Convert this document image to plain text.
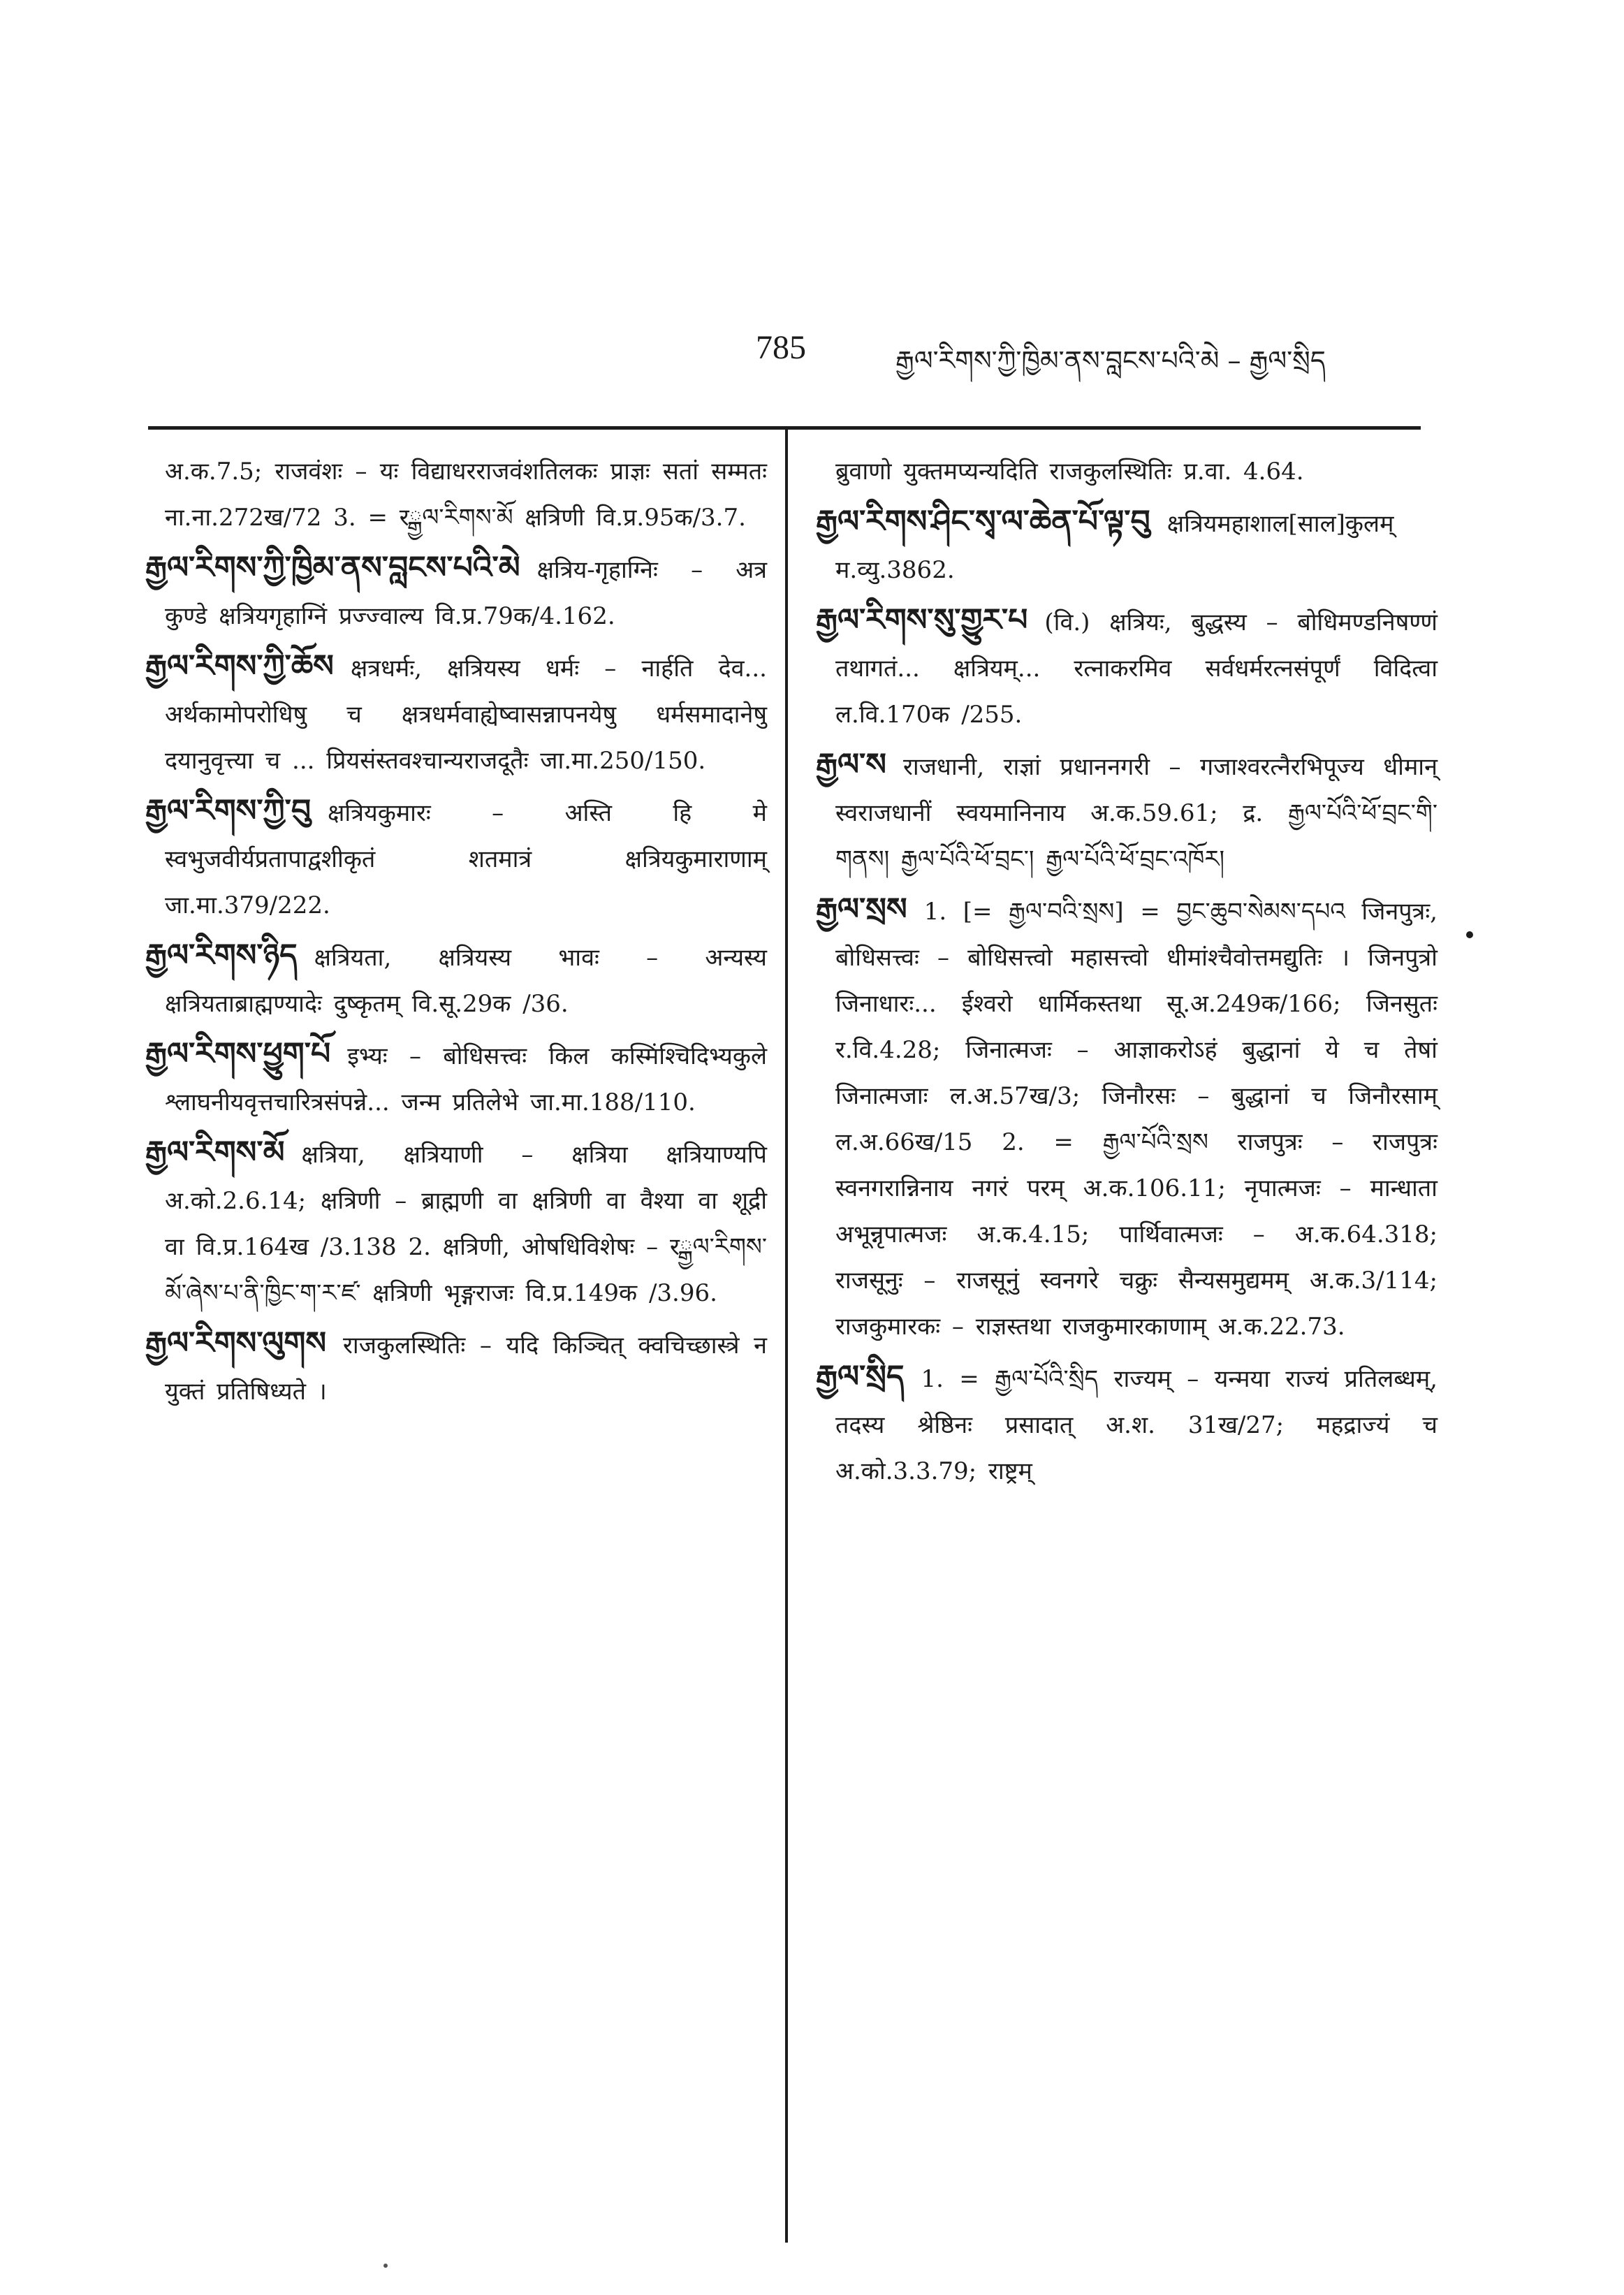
785	རྒྱལ་རིགས་ཀྱི་ཁྱིམ་ནས་བླངས་པའི་མེ – རྒྱལ་སྲིད

अ.क.7.5; राजवंशः – यः विद्याधरराजवंशतिलकः प्राज्ञः सतां सम्मतः ना.ना.272ख/72 3. = रྒྱལ་རིགས་མོ क्षत्रिणी वि.प्र.95क/3.7.

རྒྱལ་རིགས་ཀྱི་ཁྱིམ་ནས་བླངས་པའི་མེ क्षत्रिय-गृहाग्निः – अत्र कुण्डे क्षत्रियगृहाग्निं प्रज्ज्वाल्य वि.प्र.79क/4.162.

རྒྱལ་རིགས་ཀྱི་ཆོས क्षत्रधर्मः, क्षत्रियस्य धर्मः – नार्हति देव... अर्थकामोपरोधिषु च क्षत्रधर्मवाह्येष्वासन्नापनयेषु धर्मसमादानेषु दयानुवृत्त्या च ... प्रियसंस्तवश्चान्यराजदूतैः जा.मा.250/150.

རྒྱལ་རིགས་ཀྱི་བུ क्षत्रियकुमारः – अस्ति हि मे स्वभुजवीर्यप्रतापाद्वशीकृतं शतमात्रं क्षत्रियकुमाराणाम् जा.मा.379/222.

རྒྱལ་རིགས་ཉིད क्षत्रियता, क्षत्रियस्य भावः – अन्यस्य क्षत्रियताब्राह्मण्यादेः दुष्कृतम् वि.सू.29क /36.

རྒྱལ་རིགས་ཕྱུག་པོ इभ्यः – बोधिसत्त्वः किल कस्मिंश्चिदिभ्यकुले श्लाघनीयवृत्तचारित्रसंपन्ने... जन्म प्रतिलेभे जा.मा.188/110.

རྒྱལ་རིགས་མོ क्षत्रिया, क्षत्रियाणी – क्षत्रिया क्षत्रियाण्यपि अ.को.2.6.14; क्षत्रिणी – ब्राह्मणी वा क्षत्रिणी वा वैश्या वा शूद्री वा वि.प्र.164ख /3.138 2. क्षत्रिणी, ओषधिविशेषः – रྒྱལ་རིགས་མོ་ཞེས་པ་ནི་ཁྱིང་ག་ར་ཛ་ क्षत्रिणी भृङ्गराजः वि.प्र.149क /3.96.

རྒྱལ་རིགས་ལུགས राजकुलस्थितिः – यदि किञ्चित् क्वचिच्छास्त्रे न युक्तं प्रतिषिध्यते ।

ब्रुवाणो युक्तमप्यन्यदिति राजकुलस्थितिः प्र.वा. 4.64.

རྒྱལ་རིགས་ཤིང་སྭ་ལ་ཆེན་པོ་ལྟ་བུ क्षत्रियमहाशाल[साल]कुलम् म.व्यु.3862.

རྒྱལ་རིགས་སུ་གྱུར་པ (वि.) क्षत्रियः, बुद्धस्य – बोधिमण्डनिषण्णं तथागतं... क्षत्रियम्... रत्नाकरमिव सर्वधर्मरत्नसंपूर्णं विदित्वा ल.वि.170क /255.

རྒྱལ་ས राजधानी, राज्ञां प्रधाननगरी – गजाश्वरत्नैरभिपूज्य धीमान् स्वराजधानीं स्वयमानिनाय अ.क.59.61; द्र. རྒྱལ་པོའི་ཕོ་བྲང་གི་གནས། རྒྱལ་པོའི་ཕོ་བྲང་། རྒྱལ་པོའི་ཕོ་བྲང་འཁོར།

རྒྱལ་སྲས 1. [= རྒྱལ་བའི་སྲས] = བྱང་ཆུབ་སེམས་དཔའ जिनपुत्रः, बोधिसत्त्वः – बोधिसत्त्वो महासत्त्वो धीमांश्चैवोत्तमद्युतिः । जिनपुत्रो जिनाधारः... ईश्वरो धार्मिकस्तथा सू.अ.249क/166; जिनसुतः र.वि.4.28; जिनात्मजः – आज्ञाकरोऽहं बुद्धानां ये च तेषां जिनात्मजाः ल.अ.57ख/3; जिनौरसः – बुद्धानां च जिनौरसाम् ल.अ.66ख/15 2. = རྒྱལ་པོའི་སྲས राजपुत्रः – राजपुत्रः स्वनगरान्निनाय नगरं परम् अ.क.106.11; नृपात्मजः – मान्धाता अभून्नृपात्मजः अ.क.4.15; पार्थिवात्मजः – अ.क.64.318; राजसूनुः – राजसूनुं स्वनगरे चक्रुः सैन्यसमुद्यमम् अ.क.3/114; राजकुमारकः – राज्ञस्तथा राजकुमारकाणाम् अ.क.22.73.

རྒྱལ་སྲིད 1. = རྒྱལ་པོའི་སྲིད राज्यम् – यन्मया राज्यं प्रतिलब्धम्, तदस्य श्रेष्ठिनः प्रसादात् अ.श. 31ख/27; महद्राज्यं च अ.को.3.3.79; राष्ट्रम्
